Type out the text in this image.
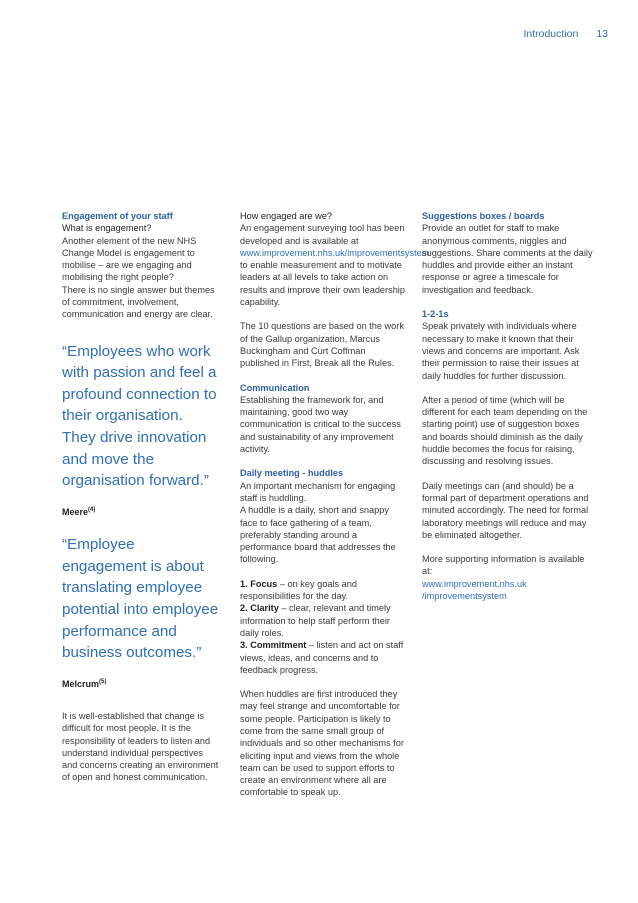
Introduction 13

Engagement of your staff

What is engagement?

Another element of the new NHS Change Model is engagement to mobilise – are we engaging and mobilising the right people?

There is no single answer but themes of commitment, involvement, communication and energy are clear.

“Employees who work with passion and feel a profound connection to their organisation. They drive innovation and move the organisation forward.”

Meere$^{(4)}$

“Employee engagement is about translating employee potential into employee performance and business outcomes.”

Melcrum$^{(5)}$

It is well-established that change is difficult for most people. It is the responsibility of leaders to listen and understand individual perspectives and concerns creating an environment of open and honest communication.

How engaged are we?

An engagement surveying tool has been developed and is available at www.improvement.nhs.uk/improvementsystem to enable measurement and to motivate leaders at all levels to take action on results and improve their own leadership capability.

The 10 questions are based on the work of the Gallup organization, Marcus Buckingham and Curt Coffman published in First, Break all the Rules.

Communication

Establishing the framework for, and maintaining, good two way communication is critical to the success and sustainability of any improvement activity.

Daily meeting - huddles

An important mechanism for engaging staff is huddling.

A huddle is a daily, short and snappy face to face gathering of a team, preferably standing around a performance board that addresses the following.

1. Focus – on key goals and responsibilities for the day.

2. Clarity – clear, relevant and timely information to help staff perform their daily roles.

3. Commitment – listen and act on staff views, ideas, and concerns and to feedback progress.

When huddles are first introduced they may feel strange and uncomfortable for some people. Participation is likely to come from the same small group of individuals and so other mechanisms for eliciting input and views from the whole team can be used to support efforts to create an environment where all are comfortable to speak up.

Suggestions boxes / boards

Provide an outlet for staff to make anonymous comments, niggles and suggestions. Share comments at the daily huddles and provide either an instant response or agree a timescale for investigation and feedback.

1-2-1s

Speak privately with individuals where necessary to make it known that their views and concerns are important. Ask their permission to raise their issues at daily huddles for further discussion.

After a period of time (which will be different for each team depending on the starting point) use of suggestion boxes and boards should diminish as the daily huddle becomes the focus for raising, discussing and resolving issues.

Daily meetings can (and should) be a formal part of department operations and minuted accordingly. The need for formal laboratory meetings will reduce and may be eliminated altogether.

More supporting information is available at:

www.improvement.nhs.uk

/improvementsystem
